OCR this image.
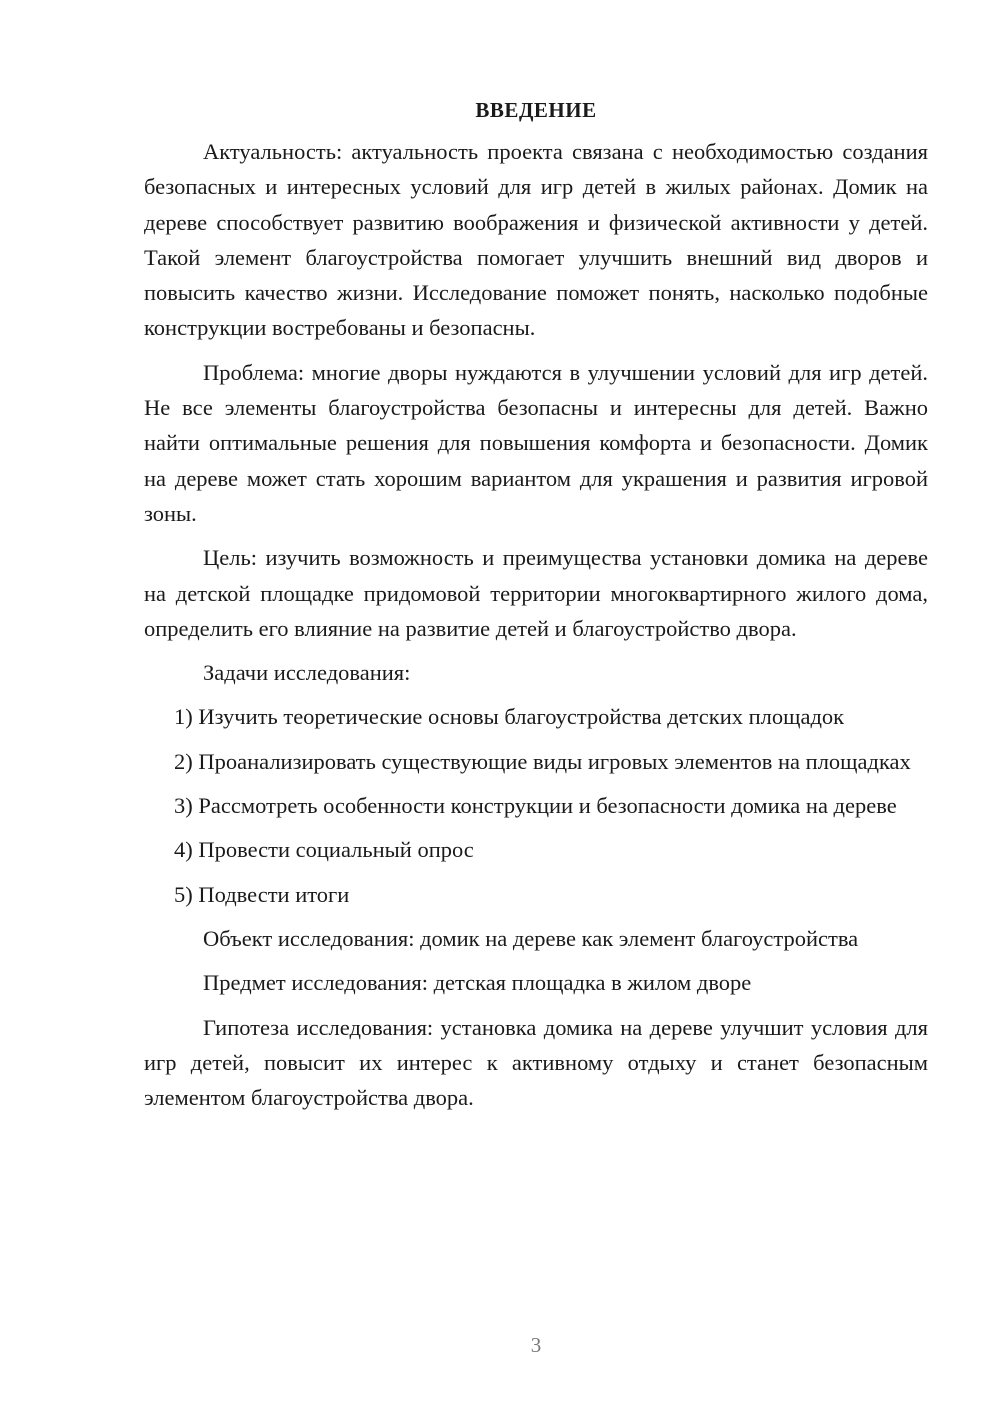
ВВЕДЕНИЕ

Актуальность: актуальность проекта связана с необходимостью создания безопасных и интересных условий для игр детей в жилых районах. Домик на дереве способствует развитию воображения и физической активности у детей. Такой элемент благоустройства помогает улучшить внешний вид дворов и повысить качество жизни. Исследование поможет понять, насколько подобные конструкции востребованы и безопасны.

Проблема: многие дворы нуждаются в улучшении условий для игр детей. Не все элементы благоустройства безопасны и интересны для детей. Важно найти оптимальные решения для повышения комфорта и безопасности. Домик на дереве может стать хорошим вариантом для украшения и развития игровой зоны.

Цель: изучить возможность и преимущества установки домика на дереве на детской площадке придомовой территории многоквартирного жилого дома, определить его влияние на развитие детей и благоустройство двора.

Задачи исследования:

1) Изучить теоретические основы благоустройства детских площадок

2) Проанализировать существующие виды игровых элементов на площадках

3) Рассмотреть особенности конструкции и безопасности домика на дереве

4) Провести социальный опрос

5) Подвести итоги

Объект исследования: домик на дереве как элемент благоустройства

Предмет исследования: детская площадка в жилом дворе

Гипотеза исследования: установка домика на дереве улучшит условия для игр детей, повысит их интерес к активному отдыху и станет безопасным элементом благоустройства двора.

3
